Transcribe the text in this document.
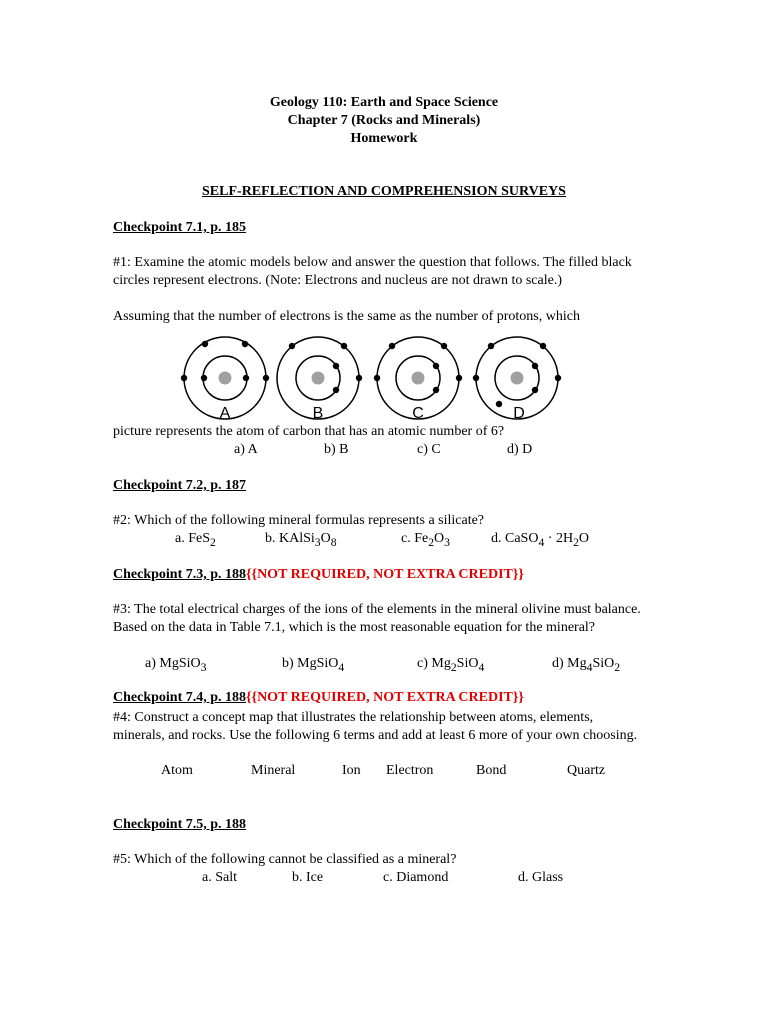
Geology 110: Earth and Space Science
Chapter 7 (Rocks and Minerals)
Homework
SELF-REFLECTION AND COMPREHENSION SURVEYS
Checkpoint 7.1, p. 185
#1: Examine the atomic models below and answer the question that follows. The filled black circles represent electrons. (Note: Electrons and nucleus are not drawn to scale.)
Assuming that the number of electrons is the same as the number of protons, which
A	B	C	D
picture represents the atom of carbon that has an atomic number of 6?
a) A	b) B	c) C	d) D
Checkpoint 7.2, p. 187
#2: Which of the following mineral formulas represents a silicate?
a. FeS$_2$	b. $KAlSi_3O_8$	c. $Fe_2O_3$	d. CaSO$_4$ · $2H_2O$
Checkpoint 7.3, p. 188{{NOT REQUIRED, NOT EXTRA CREDIT}}
#3: The total electrical charges of the ions of the elements in the mineral olivine must balance. Based on the data in Table 7.1, which is the most reasonable equation for the mineral?
a) MgSiO$_3$	b) MgSiO$_4$	c) $Mg_2SiO_4$	d) $Mg_4SiO_2$
Checkpoint 7.4, p. 188{{NOT REQUIRED, NOT EXTRA CREDIT}}
#4: Construct a concept map that illustrates the relationship between atoms, elements, minerals, and rocks. Use the following 6 terms and add at least 6 more of your own choosing.
Atom	Mineral	Ion Electron	Bond	Quartz
Checkpoint 7.5, p. 188
#5: Which of the following cannot be classified as a mineral?
a. Salt	b. Ice	c. Diamond	d. Glass
